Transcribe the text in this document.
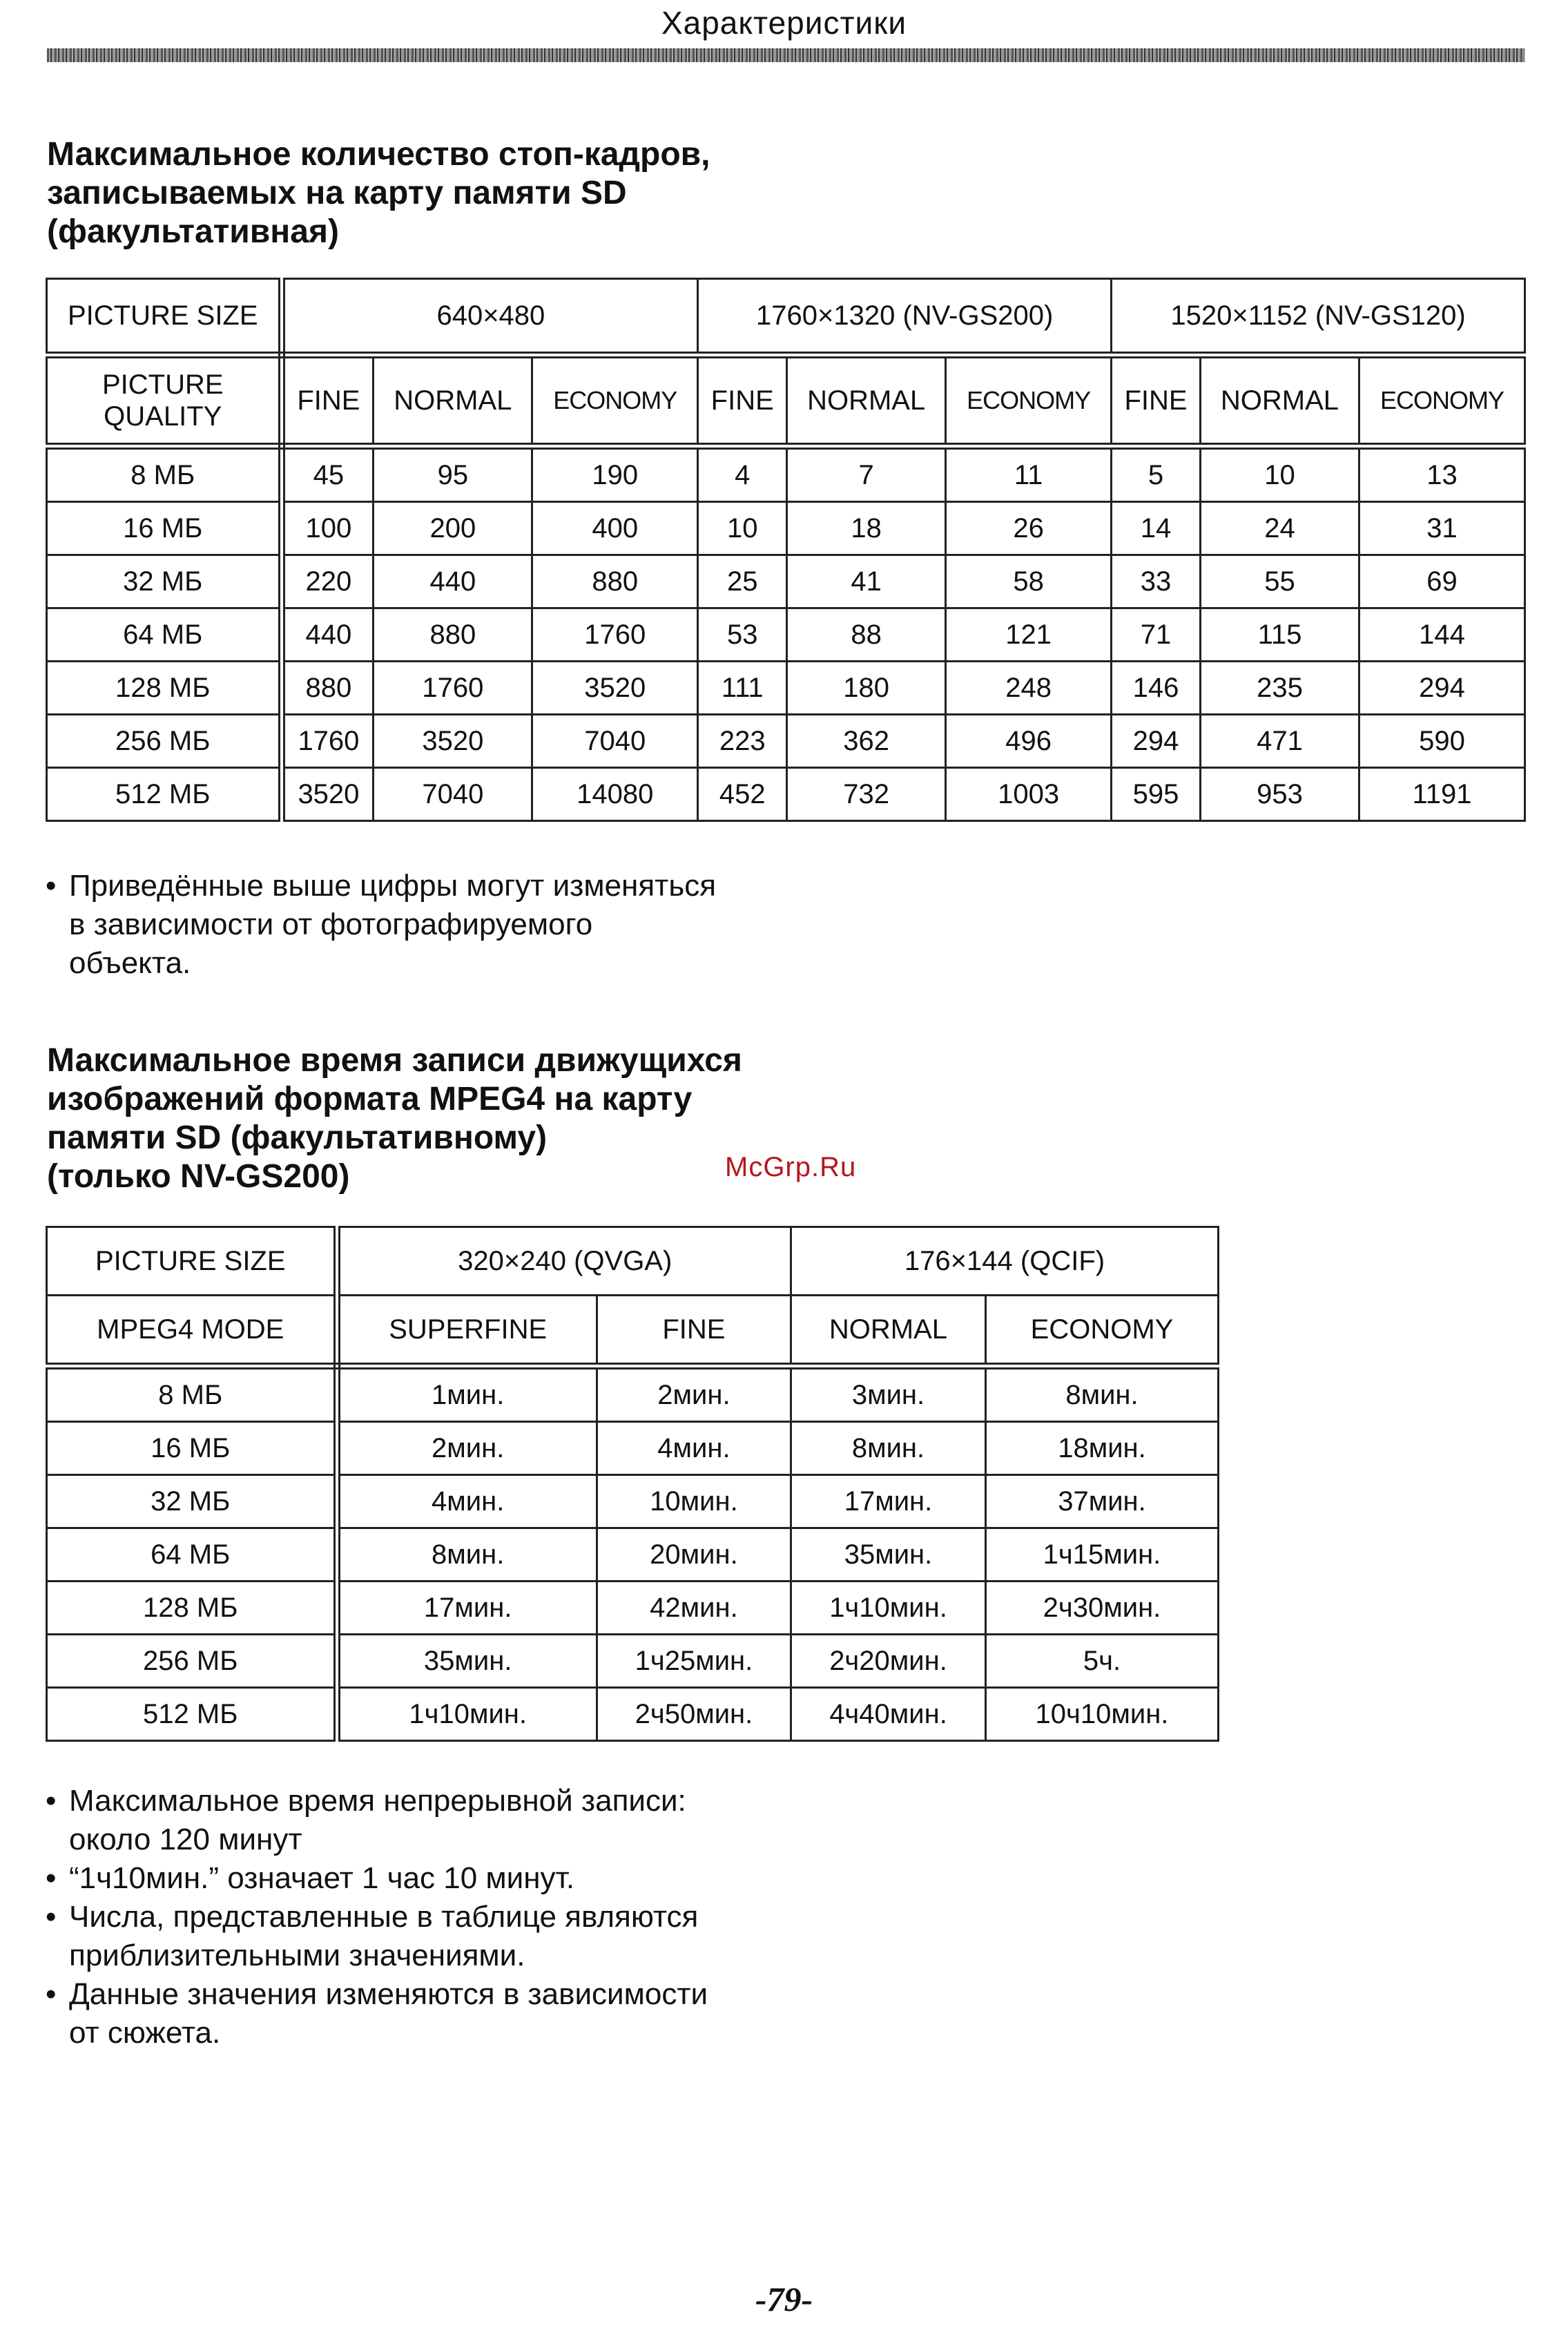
Характеристики
Максимальное количество стоп-кадров,
записываемых на карту памяти SD
(факультативная)
PICTURE SIZE	640×480			1760×1320 (NV-GS200)			1520×1152 (NV-GS120)		
PICTURE QUALITY	FINE	NORMAL	ECONOMY	FINE	NORMAL	ECONOMY	FINE	NORMAL	ECONOMY
8 МБ	45	95	190	4	7	11	5	10	13
16 МБ	100	200	400	10	18	26	14	24	31
32 МБ	220	440	880	25	41	58	33	55	69
64 МБ	440	880	1760	53	88	121	71	115	144
128 МБ	880	1760	3520	111	180	248	146	235	294
256 МБ	1760	3520	7040	223	362	496	294	471	590
512 МБ	3520	7040	14080	452	732	1003	595	953	1191
• Приведённые выше цифры могут изменяться
в зависимости от фотографируемого
объекта.
Максимальное время записи движущихся
изображений формата MPEG4 на карту
памяти SD (факультативному)
(только NV-GS200)	McGrp.Ru
PICTURE SIZE	320×240 (QVGA)		176×144 (QCIF)	
MPEG4 MODE	SUPERFINE	FINE	NORMAL	ECONOMY
8 МБ	1мин.	2мин.	3мин.	8мин.
16 МБ	2мин.	4мин.	8мин.	18мин.
32 МБ	4мин.	10мин.	17мин.	37мин.
64 МБ	8мин.	20мин.	35мин.	1ч15мин.
128 МБ	17мин.	42мин.	1ч10мин.	2ч30мин.
256 МБ	35мин.	1ч25мин.	2ч20мин.	5ч.
512 МБ	1ч10мин.	2ч50мин.	4ч40мин.	10ч10мин.
• Максимальное время непрерывной записи:
около 120 минут
• “1ч10мин.” означает 1 час 10 минут.
• Числа, представленные в таблице являются
приблизительными значениями.
• Данные значения изменяются в зависимости
от сюжета.
-79-
